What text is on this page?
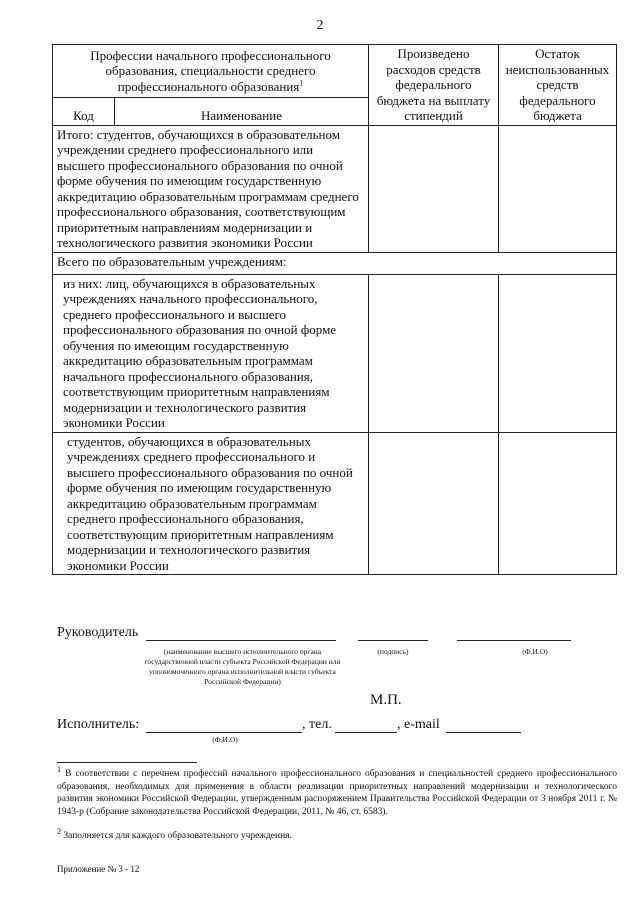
2
Профессии начального профессионального образования, специальности среднего профессионального образования$^1$		Произведено расходов средств федерального бюджета на выплату стипендий	Остаток неиспользованных средств федерального бюджета
Код	Наименование		
Итого: студентов, обучающихся в образовательном учреждении среднего профессионального или высшего профессионального образования по очной форме обучения по имеющим государственную аккредитацию образовательным программам среднего профессионального образования, соответствующим приоритетным направлениям модернизации и технологического развития экономики России			
Всего по образовательным учреждениям:			
из них: лиц, обучающихся в образовательных учреждениях начального профессионального, среднего профессионального и высшего профессионального образования по очной форме обучения по имеющим государственную аккредитацию образовательным программам начального профессионального образования, соответствующим приоритетным направлениям модернизации и технологического развития экономики России			
студентов, обучающихся в образовательных учреждениях среднего профессионального и высшего профессионального образования по очной форме обучения по имеющим государственную аккредитацию образовательным программам среднего профессионального образования, соответствующим приоритетным направлениям модернизации и технологического развития экономики России			
Руководитель
(наименование высшего исполнительного органа государственной власти субъекта Российской Федерации или уполномоченного органа исполнительной власти субъекта Российской Федерации)
(подпись)	(Ф.И.О)
М.П.
Исполнитель:	, тел.	, e-mail
(Ф.И.О)
$^1$ В соответствии с перечнем профессий начального профессионального образования и специальностей среднего профессионального образования, необходимых для применения в области реализации приоритетных направлений модернизации и технологического развития экономики Российской Федерации, утвержденным распоряжением Правительства Российской Федерации от 3 ноября 2011 г. № 1943-р (Собрание законодательства Российской Федерации, 2011, № 46, ст. 6583).
$^2$ Заполняется для каждого образовательного учреждения.
Приложение № 3 - 12
